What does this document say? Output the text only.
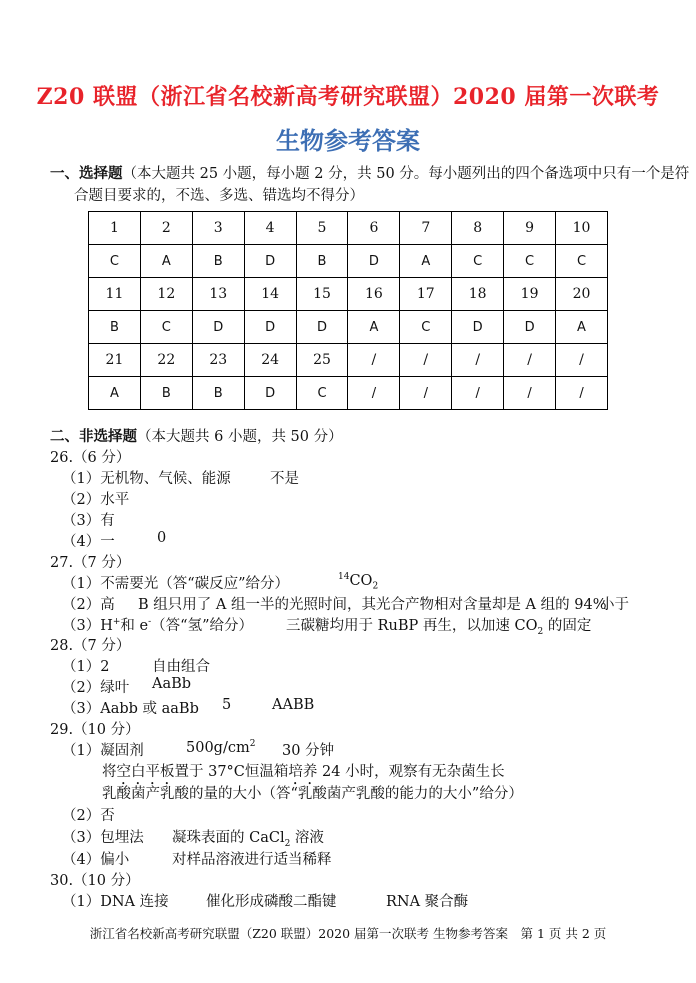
Z20 联盟（浙江省名校新高考研究联盟）2020 届第一次联考
生物参考答案
一、选择题（本大题共 25 小题，每小题 2 分，共 50 分。每小题列出的四个备选项中只有一个是符
合题目要求的，不选、多选、错选均不得分）
1	2	3	4	5	6	7	8	9	10
C	A	B	D	B	D	A	C	C	C
11	12	13	14	15	16	17	18	19	20
B	C	D	D	D	A	C	D	D	A
21	22	23	24	25	/	/	/	/	/
A	B	B	D	C	/	/	/	/	/
二、非选择题（本大题共 6 小题，共 50 分）
26.（6 分）
（1）无机物、气候、能源	不是
（2）水平
（3）有
（4）一	0
27.（7 分）
（1）不需要光（答“碳反应”给分）	$^{14}CO_2$
（2）高 B 组只用了 A 组一半的光照时间，其光合产物相对含量却是 A 组的 94%
小于
（3）H+和 e-（答“氢”给分） 三碳糖均用于 RuBP 再生，以加速 $CO_2$ 的固定
28.（7 分）
（1）2	自由组合
（2）绿叶 AaBb
（3）Aabb 或 aaBb 5	AABB
29.（10 分）
（1）凝固剂	$500g/cm^2$ 30 分钟
将空白平板置于 37°C恒温箱培养 24 小时，观察有无杂菌生长
乳酸菌产乳酸的量的大小（答“乳酸菌产乳酸的能力的大小”给分）
（2）否
（3）包埋法 凝珠表面的 CaCl$_2$ 溶液
（4）偏小	对样品溶液进行适当稀释
30.（10 分）
（1）DNA 连接	催化形成磷酸二酯键	RNA 聚合酶
浙江省名校新高考研究联盟（Z20 联盟）2020 届第一次联考 生物参考答案　第 1 页 共 2 页
